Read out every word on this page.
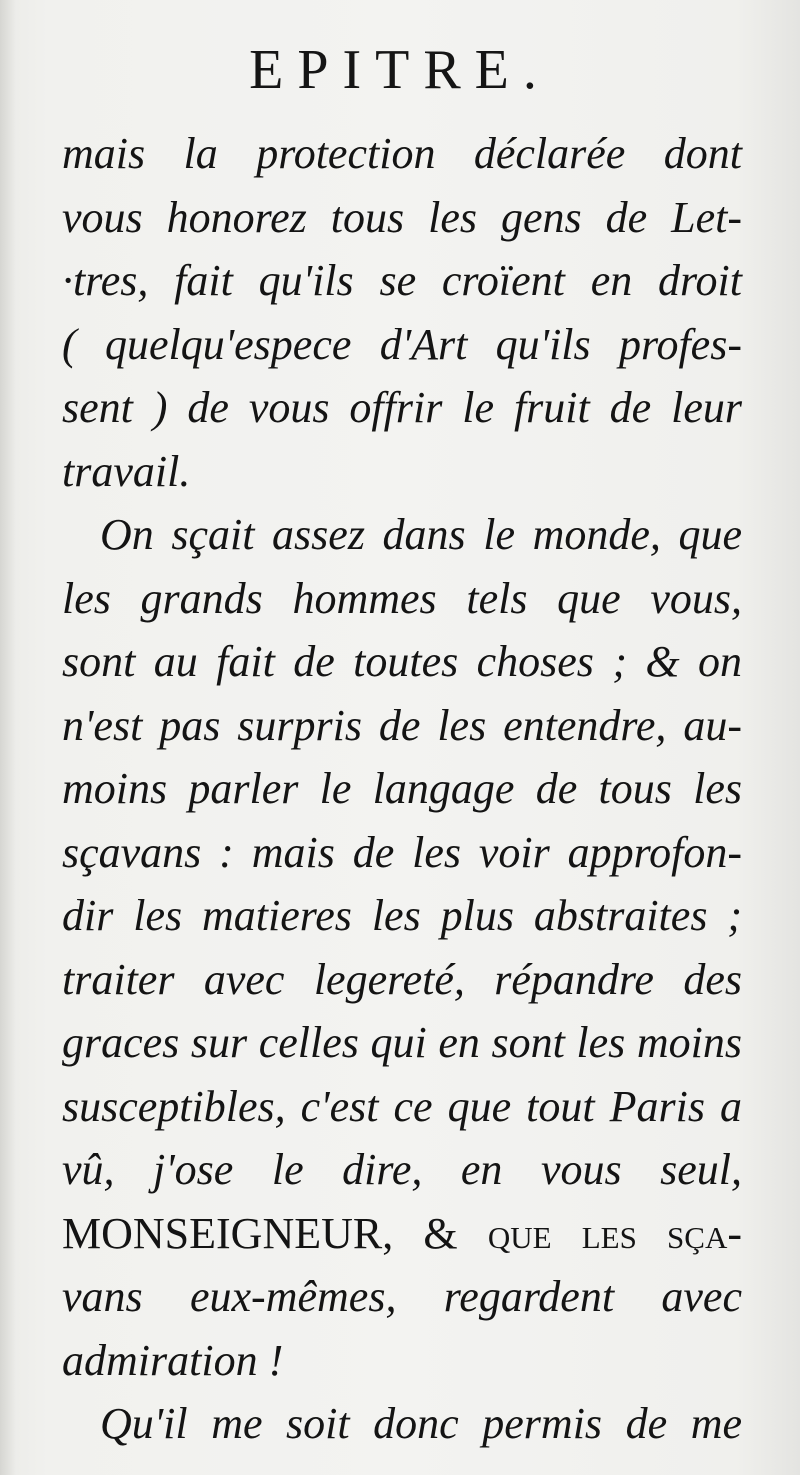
EPITRE.
mais la protection déclarée dont
vous honorez tous les gens de Let-
·tres, fait qu'ils se croïent en droit
( quelqu'espece d'Art qu'ils profes-
sent ) de vous offrir le fruit de leur
travail.
On sçait assez dans le monde, que
les grands hommes tels que vous,
sont au fait de toutes choses ; & on
n'est pas surpris de les entendre, au-
moins parler le langage de tous les
sçavans : mais de les voir approfon-
dir les matieres les plus abstraites ;
traiter avec legereté, répandre des
graces sur celles qui en sont les moins
susceptibles, c'est ce que tout Paris a
vû, j'ose le dire, en vous seul,
MONSEIGNEUR, & que les sça-
vans eux-mêmes, regardent avec
admiration !
Qu'il me soit donc permis de me
